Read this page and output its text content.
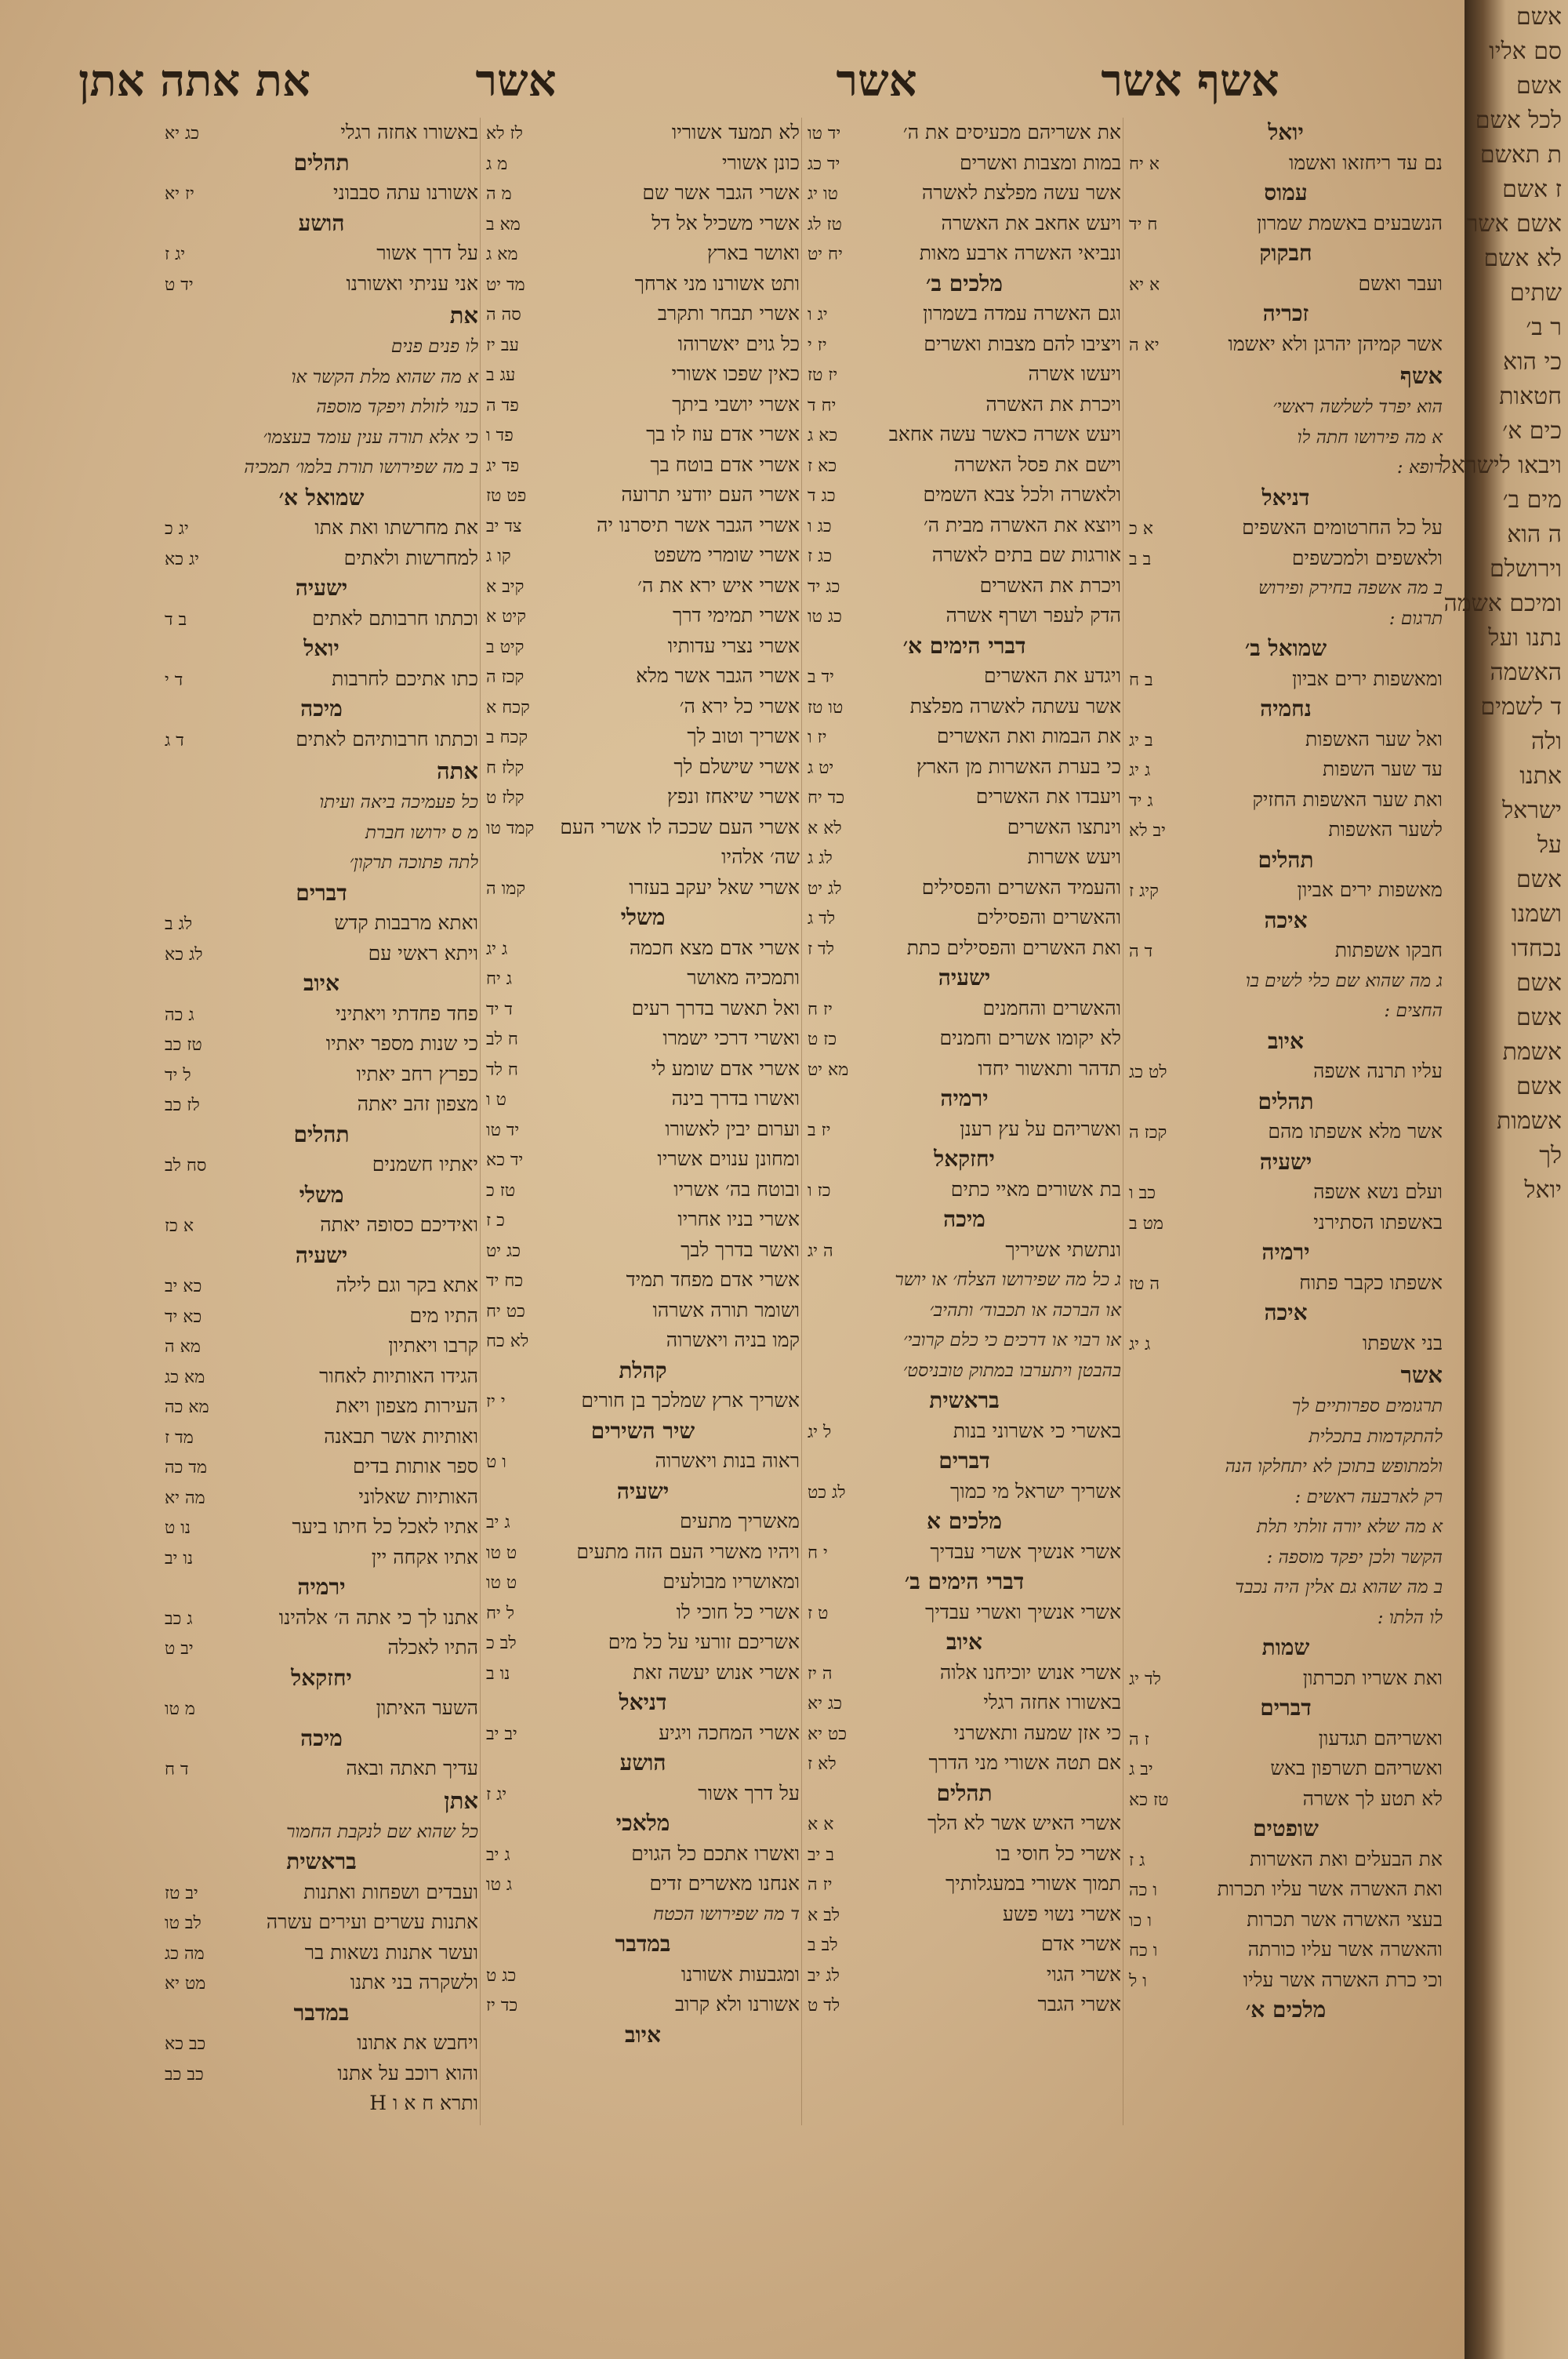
אשף אשר
אשר
אשר
את אתה אתן
יואל
נם עד ריחזאו ואשמו
א יח
עמוס
הנשבעים באשמת שמרון
ח יד
חבקוק
ועבר ואשם
א יא
זכריה
אשר קמיהן יהרגן ולא יאשמו
יא ה
אשף
הוא יפרד לשלשה ראשי׳
א מה פירושו חתה לו
רופא :
דניאל
על כל החרטומים האשפים
א כ
ולאשפים ולמכשפים
ב ב
ב מה אשפה בחירק ופירוש
תרגום :
שמואל ב׳
ומאשפות ירים אביון
ב ח
נחמיה
ואל שער האשפות
ב יג
עד שער השפות
ג יג
ואת שער האשפות החזיק
ג יד
לשער האשפות
יב לא
תהלים
מאשפות ירים אביון
קיג ז
איכה
חבקו אשפתות
ד ה
ג מה שהוא שם כלי לשים בו
החצים :
איוב
עליו תרנה אשפה
לט כג
תהלים
אשר מלא אשפתו מהם
קכז ה
ישעיה
ועלם נשא אשפה
כב ו
באשפתו הסתירני
מט ב
ירמיה
אשפתו כקבר פתוח
ה טז
איכה
בני אשפתו
ג יג
אשר
תרגומים ספרותיים לך
להתקדמות בתכלית
ולמתופש בתוכן לא יתחלקו הנה
רק לארבעה ראשים :
א מה שלא יורה זולתי תלת
הקשר ולכן יפקד מוספה :
ב מה שהוא גם אלין היה נכבד
לו הלתו :
שמות
ואת אשריו תכרתון
לד יג
דברים
ואשריהם תגדעון
ז ה
ואשריהם תשרפון באש
יב ג
לא תטע לך אשרה
טז כא
שופטים
את הבעלים ואת האשרות
ג ז
ואת האשרה אשר עליו תכרות
ו כה
בעצי האשרה אשר תכרות
ו כו
והאשרה אשר עליו כורתה
ו כח
וכי כרת האשרה אשר עליו
ו ל
מלכים א׳
את אשריהם מכעיסים את ה׳
יד טו
במות ומצבות ואשרים
יד כג
אשר עשה מפלצת לאשרה
טו יג
ויעש אחאב את האשרה
טז לג
ונביאי האשרה ארבע מאות
יח יט
מלכים ב׳
וגם האשרה עמדה בשמרון
יג ו
ויציבו להם מצבות ואשרים
יז י
ויעשו אשרה
יז טז
ויכרת את האשרה
יח ד
ויעש אשרה כאשר עשה אחאב
כא ג
וישם את פסל האשרה
כא ז
ולאשרה ולכל צבא השמים
כג ד
ויוצא את האשרה מבית ה׳
כג ו
אורגות שם בתים לאשרה
כג ז
ויכרת את האשרים
כג יד
הדק לעפר ושרף אשרה
כג טו
דברי הימים א׳
ויגדע את האשרים
יד ב
אשר עשתה לאשרה מפלצת
טו טז
את הבמות ואת האשרים
יז ו
כי בערת האשרות מן הארץ
יט ג
ויעבדו את האשרים
כד יח
וינתצו האשרים
לא א
ויעש אשרות
לג ג
והעמיד האשרים והפסילים
לג יט
והאשרים והפסילים
לד ג
ואת האשרים והפסילים כתת
לד ז
ישעיה
והאשרים והחמנים
יז ח
לא יקומו אשרים וחמנים
כז ט
תדהר ותאשור יחדו
מא יט
ירמיה
ואשריהם על עץ רענן
יז ב
יחזקאל
בת אשורים מאיי כתים
כז ו
מיכה
ונתשתי אשיריך
ה יג
ג כל מה שפירושו הצלח׳ או יושר
או הברכה או תכבוד׳ ותהיב׳
או רבוי או דרכים כי כלם קרובי׳
בהבטן ויתערבו במתוק טובניסט׳
בראשית
באשרי כי אשרוני בנות
ל יג
דברים
אשריך ישראל מי כמוך
לג כט
מלכים א
אשרי אנשיך אשרי עבדיך
י ח
דברי הימים ב׳
אשרי אנשיך ואשרי עבדיך
ט ז
איוב
אשרי אנוש יוכיחנו אלוה
ה יז
באשורו אחזה רגלי
כג יא
כי אזן שמעה ותאשרני
כט יא
אם תטה אשורי מני הדרך
לא ז
תהלים
אשרי האיש אשר לא הלך
א א
אשרי כל חוסי בו
ב יב
תמוך אשורי במעגלותיך
יז ה
אשרי נשוי פשע
לב א
אשרי אדם
לב ב
אשרי הגוי
לג יב
אשרי הגבר
לד ט
לא תמעד אשוריו
לז לא
כונן אשורי
מ ג
אשרי הגבר אשר שם
מ ה
אשרי משכיל אל דל
מא ב
ואושר בארץ
מא ג
ותט אשורנו מני ארחך
מד יט
אשרי תבחר ותקרב
סה ה
כל גוים יאשרוהו
עב יז
כאין שפכו אשורי
עג ב
אשרי יושבי ביתך
פד ה
אשרי אדם עוז לו בך
פד ו
אשרי אדם בוטח בך
פד יג
אשרי העם יודעי תרועה
פט טז
אשרי הגבר אשר תיסרנו יה
צד יב
אשרי שומרי משפט
קו ג
אשרי איש ירא את ה׳
קיב א
אשרי תמימי דרך
קיט א
אשרי נצרי עדותיו
קיט ב
אשרי הגבר אשר מלא
קכז ה
אשרי כל ירא ה׳
קכח א
אשריך וטוב לך
קכח ב
אשרי שישלם לך
קלז ח
אשרי שיאחז ונפץ
קלז ט
אשרי העם שככה לו אשרי העם
קמד טו
שה׳ אלהיו
אשרי שאל יעקב בעזרו
קמו ה
משלי
אשרי אדם מצא חכמה
ג יג
ותמכיה מאושר
ג יח
ואל תאשר בדרך רעים
ד יד
ואשרי דרכי ישמרו
ח לב
אשרי אדם שומע לי
ח לד
ואשרו בדרך בינה
ט ו
וערום יבין לאשורו
יד טו
ומחונן ענוים אשריו
יד כא
ובוטח בה׳ אשריו
טז כ
אשרי בניו אחריו
כ ז
ואשר בדרך לבך
כג יט
אשרי אדם מפחד תמיד
כח יד
ושומר תורה אשרהו
כט יח
קמו בניה ויאשרוה
לא כח
קהלת
אשריך ארץ שמלכך בן חורים
י יז
שיר השירים
ראוה בנות ויאשרוה
ו ט
ישעיה
מאשריך מתעים
ג יב
ויהיו מאשרי העם הזה מתעים
ט טו
ומאושריו מבולעים
ט טו
אשרי כל חוכי לו
ל יח
אשריכם זורעי על כל מים
לב כ
אשרי אנוש יעשה זאת
נו ב
דניאל
אשרי המחכה ויגיע
יב יב
הושע
על דרך אשור
יג ז
מלאכי
ואשרו אתכם כל הגוים
ג יב
אנחנו מאשרים זדים
ג טו
ד מה שפירושו הכטח
במדבר
ומגבעות אשורנו
כג ט
אשורנו ולא קרוב
כד יז
איוב
באשורו אחזה רגלי
כג יא
תהלים
אשורנו עתה סבבוני
יז יא
הושע
על דרך אשור
יג ז
אני עניתי ואשורנו
יד ט
את
לו פנים פנים
א מה שהוא מלת הקשר או
כנוי לזולת ויפקד מוספה
כי אלא תורה ענין עומד בעצמו׳
ב מה שפירושו תורת בלמו׳ תמכיה
שמואל א׳
את מחרשתו ואת אתו
יג כ
למחרשות ולאתים
יג כא
ישעיה
וכתתו חרבותם לאתים
ב ד
יואל
כתו אתיכם לחרבות
ד י
מיכה
וכתתו חרבותיהם לאתים
ד ג
אתה
כל פעמיכה ביאה ועיתו
מ ס ירושו חברת
לתה פתוכה תרקון׳
דברים
ואתא מרבבות קדש
לג ב
ויתא ראשי עם
לג כא
איוב
פחד פחדתי ויאתיני
ג כה
כי שנות מספר יאתיו
טז כב
כפרץ רחב יאתיו
ל יד
מצפון זהב יאתה
לז כב
תהלים
יאתיו חשמנים
סח לב
משלי
ואידיכם כסופה יאתה
א כז
ישעיה
אתא בקר וגם לילה
כא יב
התיו מים
כא יד
קרבו ויאתיון
מא ה
הגידו האותיות לאחור
מא כג
העירות מצפון ויאת
מא כה
ואותיות אשר תבאנה
מד ז
ספר אותות בדים
מד כה
האותיות שאלוני
מה יא
אתיו לאכל כל חיתו ביער
נו ט
אתיו אקחה יין
נו יב
ירמיה
אתנו לך כי אתה ה׳ אלהינו
ג כב
התיו לאכלה
יב ט
יחזקאל
השער האיתון
מ טו
מיכה
עדיך תאתה ובאה
ד ח
אתן
כל שהוא שם לנקבת החמור
בראשית
ועבדים ושפחות ואתנות
יב טז
אתנות עשרים ועירים עשרה
לב טו
ועשר אתנות נשאות בר
מה כג
ולשקרה בני אתנו
מט יא
במדבר
ויחבש את אתונו
כב כא
והוא רוכב על אתנו
כב כב
ותרא ח א ו H
אשם
סם אליו
אשם
לכל אשם
ת תאשם
ז אשם
אשם אשר
לא אשם
שתים
ר ב׳
כי הוא
חטאות
כים א׳
ויבאו לישראל
מים ב׳
ה הוא
וירושלם
ומיכם אשמה
נתנו ועל
האשמה
ד לשמים
ולה
אתנו
ישראל
על
אשם
ושמנו
נכחדו
אשם
אשם
אשמת
אשם
אשמות
לך
יואל
